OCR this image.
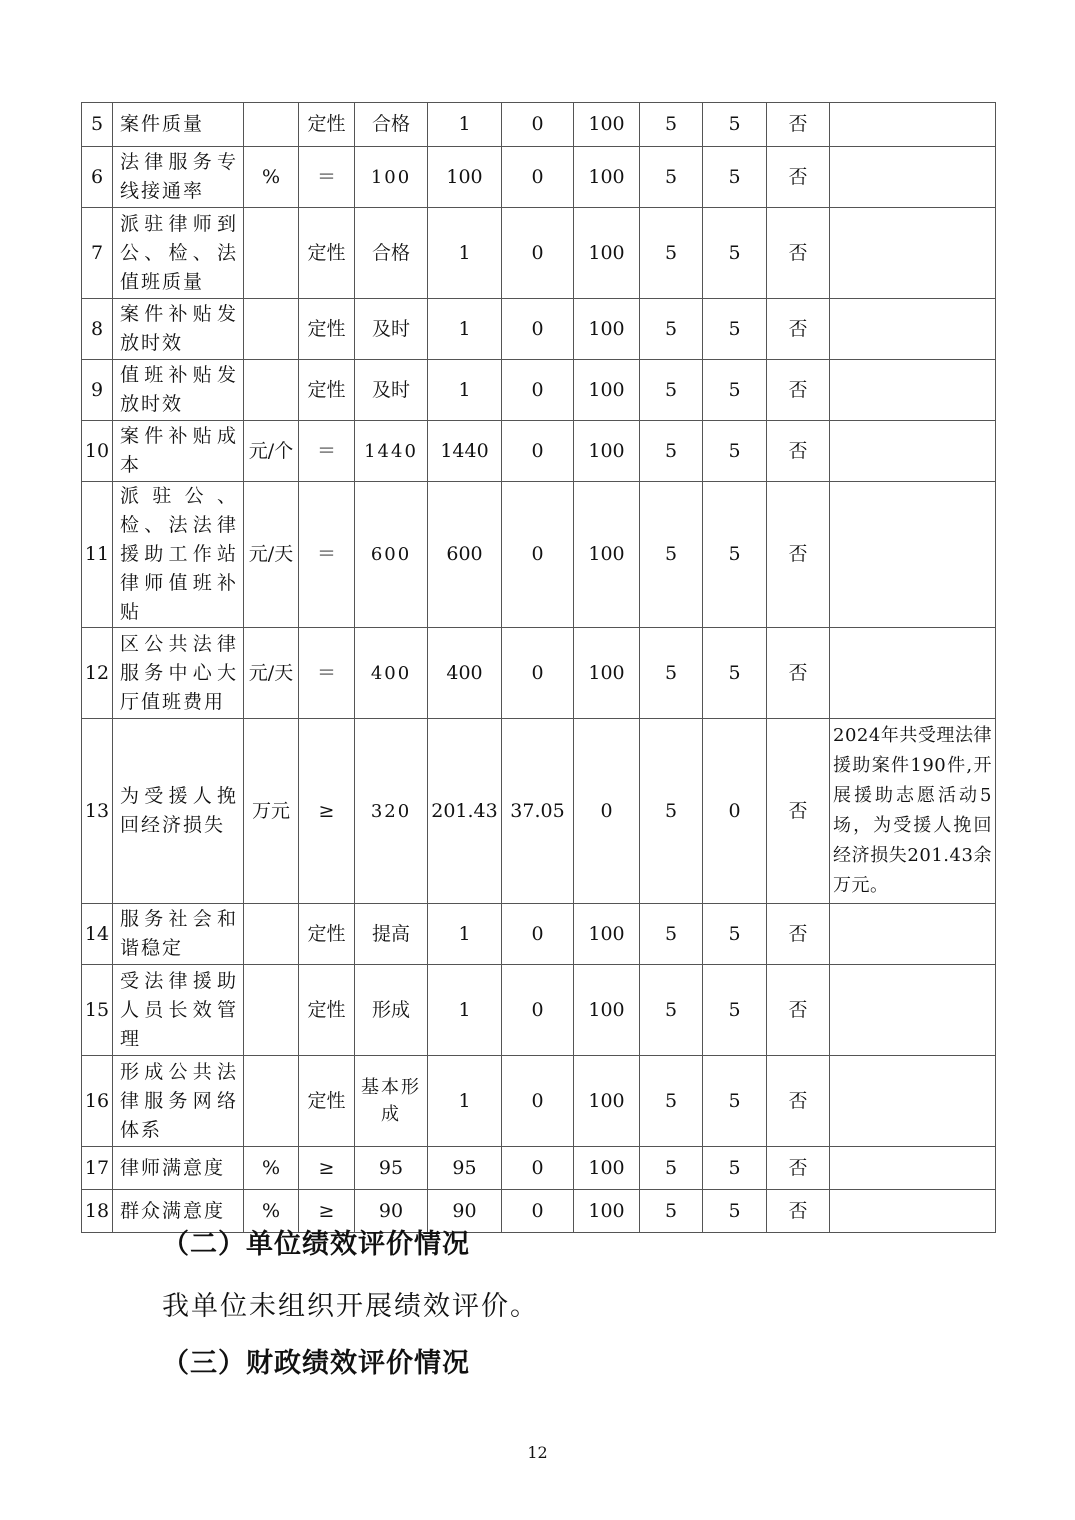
5	案件质量		定性	合格	1	0	100	5	5	否	
6	法律服务专线接通率	%	＝	100	100	0	100	5	5	否	
7	派驻律师到公、检、法值班质量		定性	合格	1	0	100	5	5	否	
8	案件补贴发放时效		定性	及时	1	0	100	5	5	否	
9	值班补贴发放时效		定性	及时	1	0	100	5	5	否	
10	案件补贴成本	元/个	＝	1440	1440	0	100	5	5	否	
11	派驻公、检、法法律援助工作站律师值班补贴	元/天	＝	600	600	0	100	5	5	否	
12	区公共法律服务中心大厅值班费用	元/天	＝	400	400	0	100	5	5	否	
13	为受援人挽回经济损失	万元	≥	320	201.43	37.05	0	5	0	否	2024年共受理法律援助案件190件,开展援助志愿活动5场，为受援人挽回经济损失201.43余万元。
14	服务社会和谐稳定		定性	提高	1	0	100	5	5	否	
15	受法律援助人员长效管理		定性	形成	1	0	100	5	5	否	
16	形成公共法律服务网络体系		定性	基本形成	1	0	100	5	5	否	
17	律师满意度	%	≥	95	95	0	100	5	5	否	
18	群众满意度	%	≥	90	90	0	100	5	5	否	
（二）单位绩效评价情况
我单位未组织开展绩效评价。
（三）财政绩效评价情况
12
